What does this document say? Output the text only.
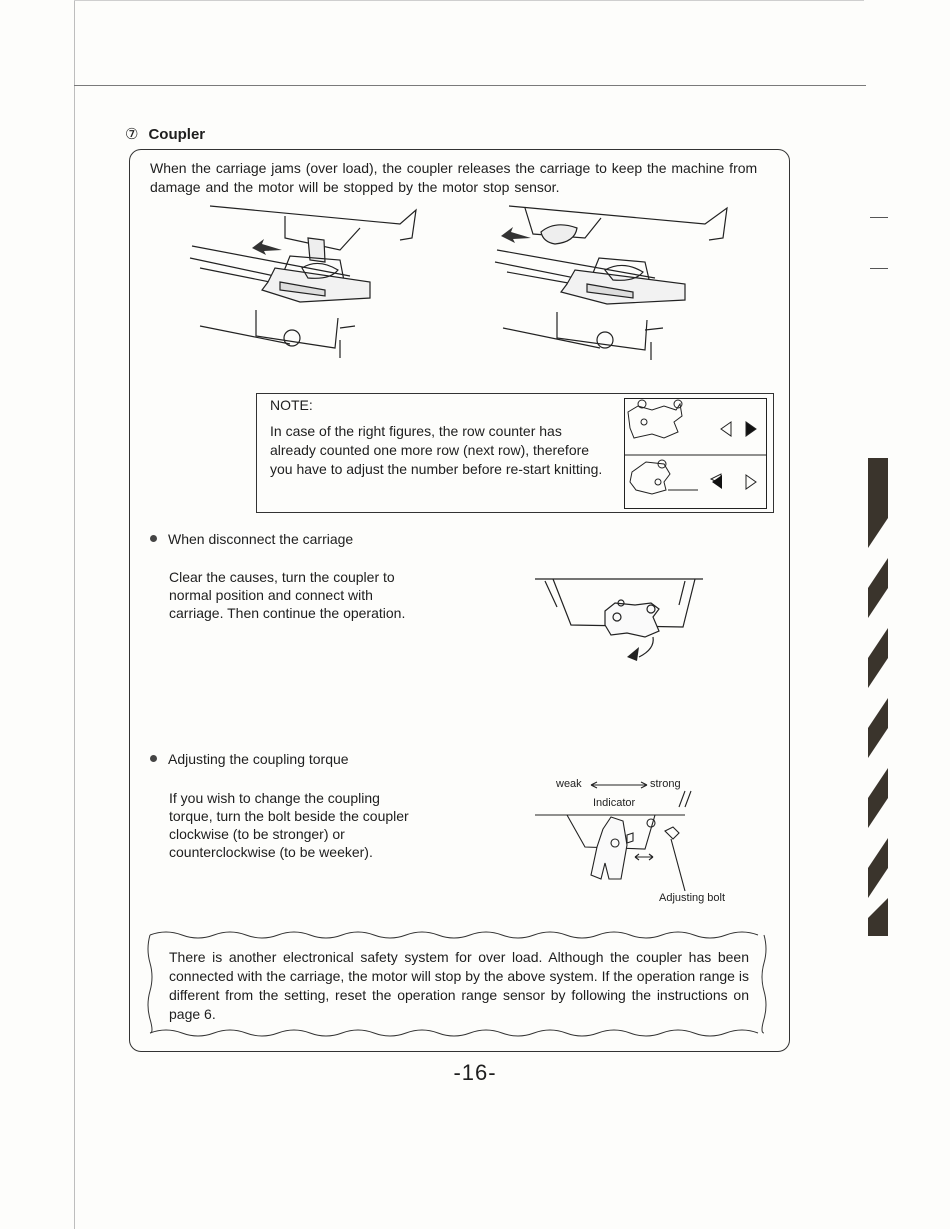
⑦ Coupler
When the carriage jams (over load), the coupler releases the carriage to keep the machine from damage and the motor will be stopped by the motor stop sensor.
NOTE:
In case of the right figures, the row counter has already counted one more row (next row), therefore you have to adjust the number before re-start knitting.
When disconnect the carriage
Clear the causes, turn the coupler to normal position and connect with carriage. Then continue the operation.
Adjusting the coupling torque
If you wish to change the coupling torque, turn the bolt beside the coupler clockwise (to be stronger) or counterclockwise (to be weeker).
weak	strong
Indicator
Adjusting bolt
There is another electronical safety system for over load. Although the coupler has been connected with the carriage, the motor will stop by the above system. If the operation range is different from the setting, reset the operation range sensor by following the instructions on page 6.
-16-
